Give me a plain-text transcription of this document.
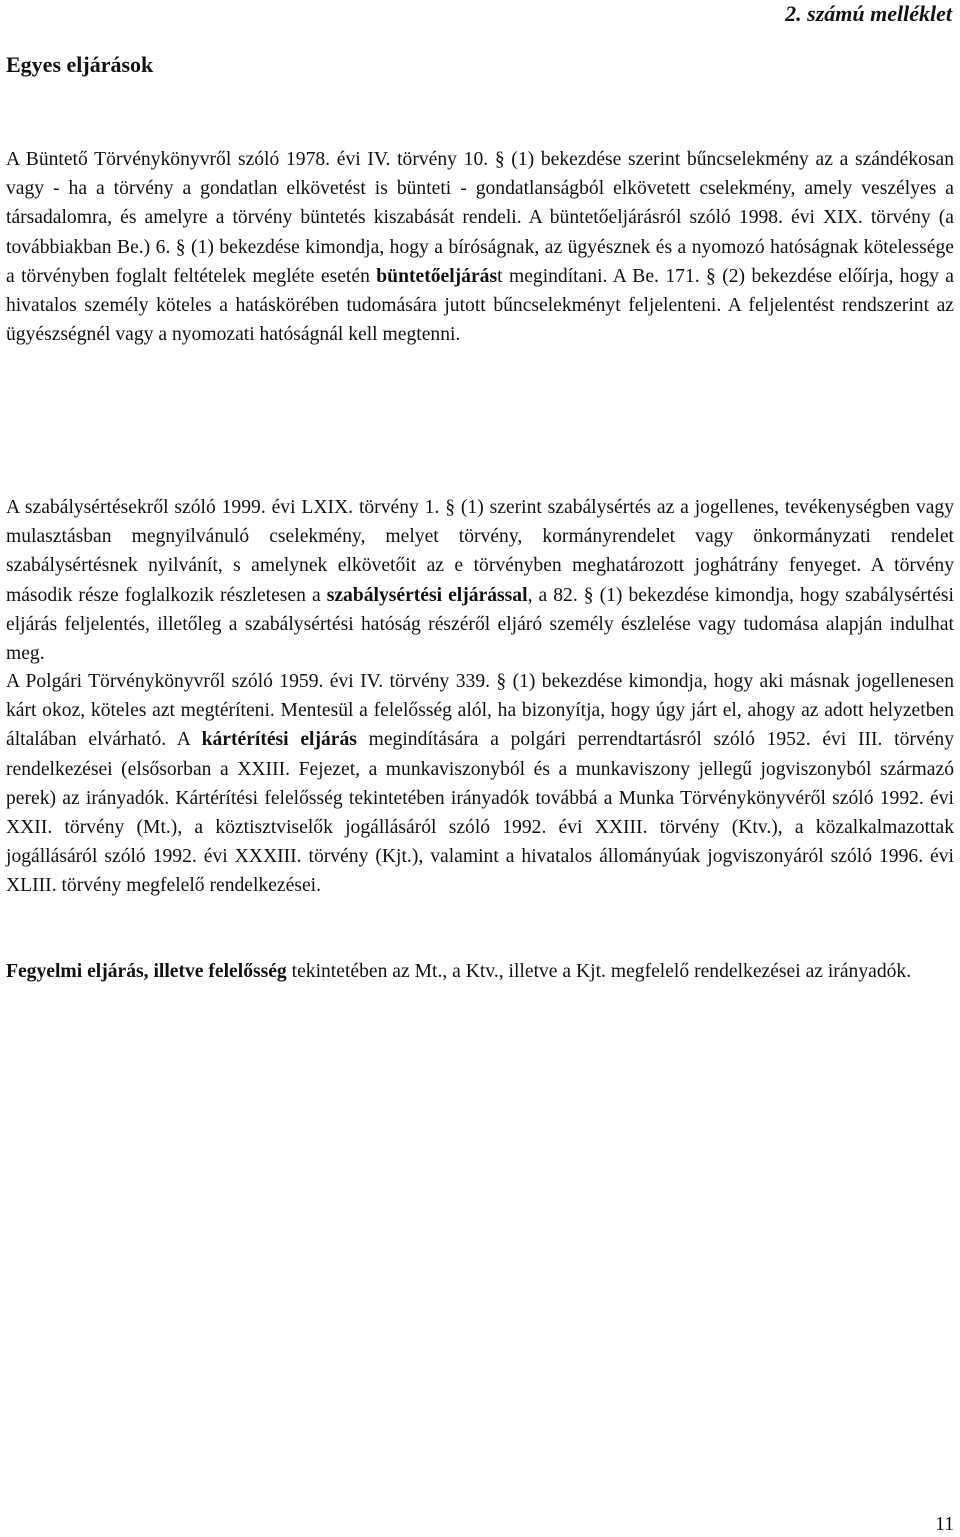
2. számú melléklet

Egyes eljárások

A Büntető Törvénykönyvről szóló 1978. évi IV. törvény 10. § (1) bekezdése szerint bűncselekmény az a szándékosan vagy - ha a törvény a gondatlan elkövetést is bünteti - gondatlanságból elkövetett cselekmény, amely veszélyes a társadalomra, és amelyre a törvény büntetés kiszabását rendeli. A büntetőeljárásról szóló 1998. évi XIX. törvény (a továbbiakban Be.) 6. § (1) bekezdése kimondja, hogy a bíróságnak, az ügyésznek és a nyomozó hatóságnak kötelessége a törvényben foglalt feltételek megléte esetén büntetőeljárást megindítani. A Be. 171. § (2) bekezdése előírja, hogy a hivatalos személy köteles a hatáskörében tudomására jutott bűncselekményt feljelenteni. A feljelentést rendszerint az ügyészségnél vagy a nyomozati hatóságnál kell megtenni.

A szabálysértésekről szóló 1999. évi LXIX. törvény 1. § (1) szerint szabálysértés az a jogellenes, tevékenységben vagy mulasztásban megnyilvánuló cselekmény, melyet törvény, kormányrendelet vagy önkormányzati rendelet szabálysértésnek nyilvánít, s amelynek elkövetőit az e törvényben meghatározott joghátrány fenyeget. A törvény második része foglalkozik részletesen a szabálysértési eljárással, a 82. § (1) bekezdése kimondja, hogy szabálysértési eljárás feljelentés, illetőleg a szabálysértési hatóság részéről eljáró személy észlelése vagy tudomása alapján indulhat meg.

A Polgári Törvénykönyvről szóló 1959. évi IV. törvény 339. § (1) bekezdése kimondja, hogy aki másnak jogellenesen kárt okoz, köteles azt megtéríteni. Mentesül a felelősség alól, ha bizonyítja, hogy úgy járt el, ahogy az adott helyzetben általában elvárható. A kártérítési eljárás megindítására a polgári perrendtartásról szóló 1952. évi III. törvény rendelkezései (elsősorban a XXIII. Fejezet, a munkaviszonyból és a munkaviszony jellegű jogviszonyból származó perek) az irányadók. Kártérítési felelősség tekintetében irányadók továbbá a Munka Törvénykönyvéről szóló 1992. évi XXII. törvény (Mt.), a köztisztviselők jogállásáról szóló 1992. évi XXIII. törvény (Ktv.), a közalkalmazottak jogállásáról szóló 1992. évi XXXIII. törvény (Kjt.), valamint a hivatalos állományúak jogviszonyáról szóló 1996. évi XLIII. törvény megfelelő rendelkezései.

Fegyelmi eljárás, illetve felelősség tekintetében az Mt., a Ktv., illetve a Kjt. megfelelő rendelkezései az irányadók.

11
